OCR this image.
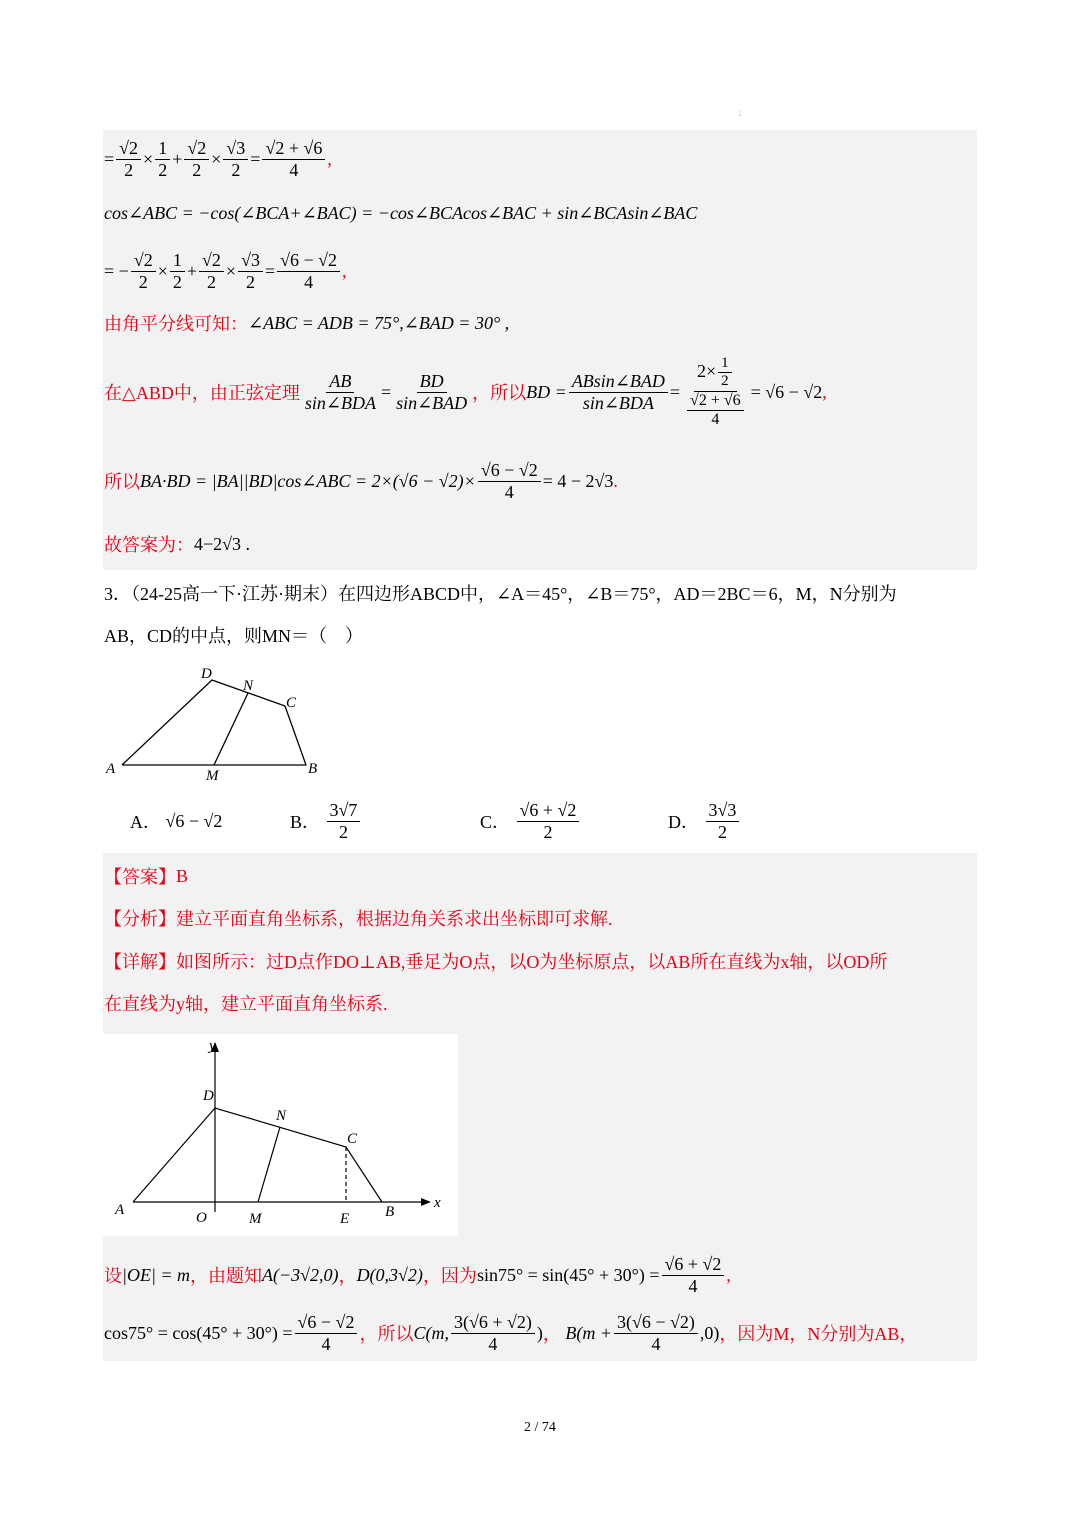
;
= $\frac{√2}{2} \times \frac{1}{2} + \frac{√2}{2} \times \frac{√3}{2} = \frac{√2 + √6}{4}$ ,
cos∠ABC = −cos(∠BCA+∠BAC) = −cos∠BCAcos∠BAC + sin∠BCAsin∠BAC
= − $\frac{√2}{2} \times \frac{1}{2} + \frac{√2}{2} \times \frac{√3}{2} = \frac{√6 - √2}{4}$ ,
由角平分线可知： ∠ABC = ADB = 75°,∠BAD = 30° ,
在△ABD中，由正弦定理 $\frac{AB}{\text{sin∠BDA}} = \frac{BD}{\text{sin∠BAD}}$ ，所以 BD = $\frac{\text{ABsin∠BAD}}{\text{sin∠BDA}} = \frac{2\times \frac{1}{2}}{\frac{√2 + √6}{4}} = √6 - √2$ ,
所以 BA·BD = |BA||BD|cos∠ABC = $2\times(√6 - √2)\times \frac{√6 - √2}{4} = 4 - 2√3$ .
故答案为： 4−2√3 .
3．（24-25高一下·江苏·期末）在四边形ABCD中，∠A＝45°，∠B＝75°，AD＝2BC＝6，M，N分别为
AB，CD的中点，则MN＝（　）
D
N
C
A	M	B
A．
√6 − √2	B．
$\frac{3√7}{2}$	C．
$\frac{√6 + √2}{2}$	D．
$\frac{3√3}{2}$
【答案】 B
【分析】 建立平面直角坐标系，根据边角关系求出坐标即可求解.
【详解】 如图所示：过D点作DO⊥AB,垂足为O点，以O为坐标原点，以AB所在直线为x轴，以OD所
在直线为y轴，建立平面直角坐标系.
y
D
N
C
A	O	M	E B
x
设 |OE| = m ，由题知 A(−3√2,0) ， D(0,3√2) ，因为 $\sin 75^\circ = \sin(45^\circ + 30^\circ) = \frac{√6 + √2}{4}$ ,
$\cos 75^\circ = \cos(45^\circ + 30^\circ) = \frac{√6 - √2}{4}$ ，所以 C(m, $\frac{3(√6 + √2)}{4}$ ) ， $B(m + \frac{3(√6 - √2)}{4} ,0)$ ，因为M，N分别为AB，
2 / 74
